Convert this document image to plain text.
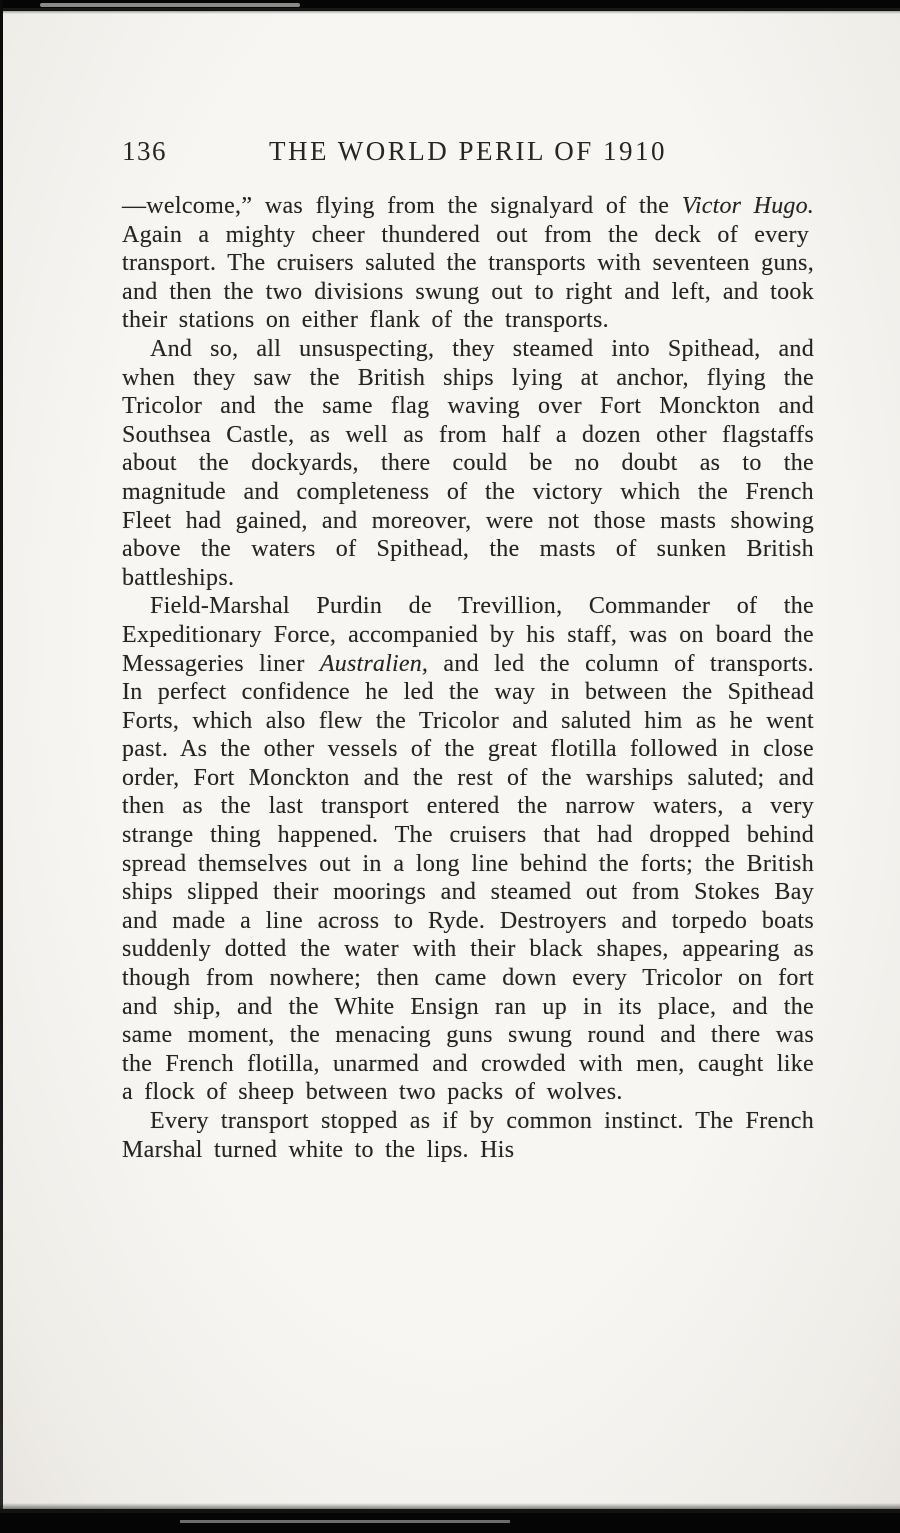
136	THE WORLD PERIL OF 1910

—welcome,” was flying from the signalyard of the Victor Hugo. Again a mighty cheer thundered out from the deck of every transport. The cruisers saluted the transports with seventeen guns, and then the two divisions swung out to right and left, and took their stations on either flank of the transports.

And so, all unsuspecting, they steamed into Spithead, and when they saw the British ships lying at anchor, flying the Tricolor and the same flag waving over Fort Monckton and Southsea Castle, as well as from half a dozen other flagstaffs about the dockyards, there could be no doubt as to the magnitude and completeness of the victory which the French Fleet had gained, and moreover, were not those masts showing above the waters of Spithead, the masts of sunken British battleships.

Field-Marshal Purdin de Trevillion, Commander of the Expeditionary Force, accompanied by his staff, was on board the Messageries liner Australien, and led the column of transports. In perfect confidence he led the way in between the Spithead Forts, which also flew the Tricolor and saluted him as he went past. As the other vessels of the great flotilla followed in close order, Fort Monckton and the rest of the warships saluted; and then as the last transport entered the narrow waters, a very strange thing happened. The cruisers that had dropped behind spread themselves out in a long line behind the forts; the British ships slipped their moorings and steamed out from Stokes Bay and made a line across to Ryde. Destroyers and torpedo boats suddenly dotted the water with their black shapes, appearing as though from nowhere; then came down every Tricolor on fort and ship, and the White Ensign ran up in its place, and the same moment, the menacing guns swung round and there was the French flotilla, unarmed and crowded with men, caught like a flock of sheep between two packs of wolves.

Every transport stopped as if by common instinct. The French Marshal turned white to the lips. His
